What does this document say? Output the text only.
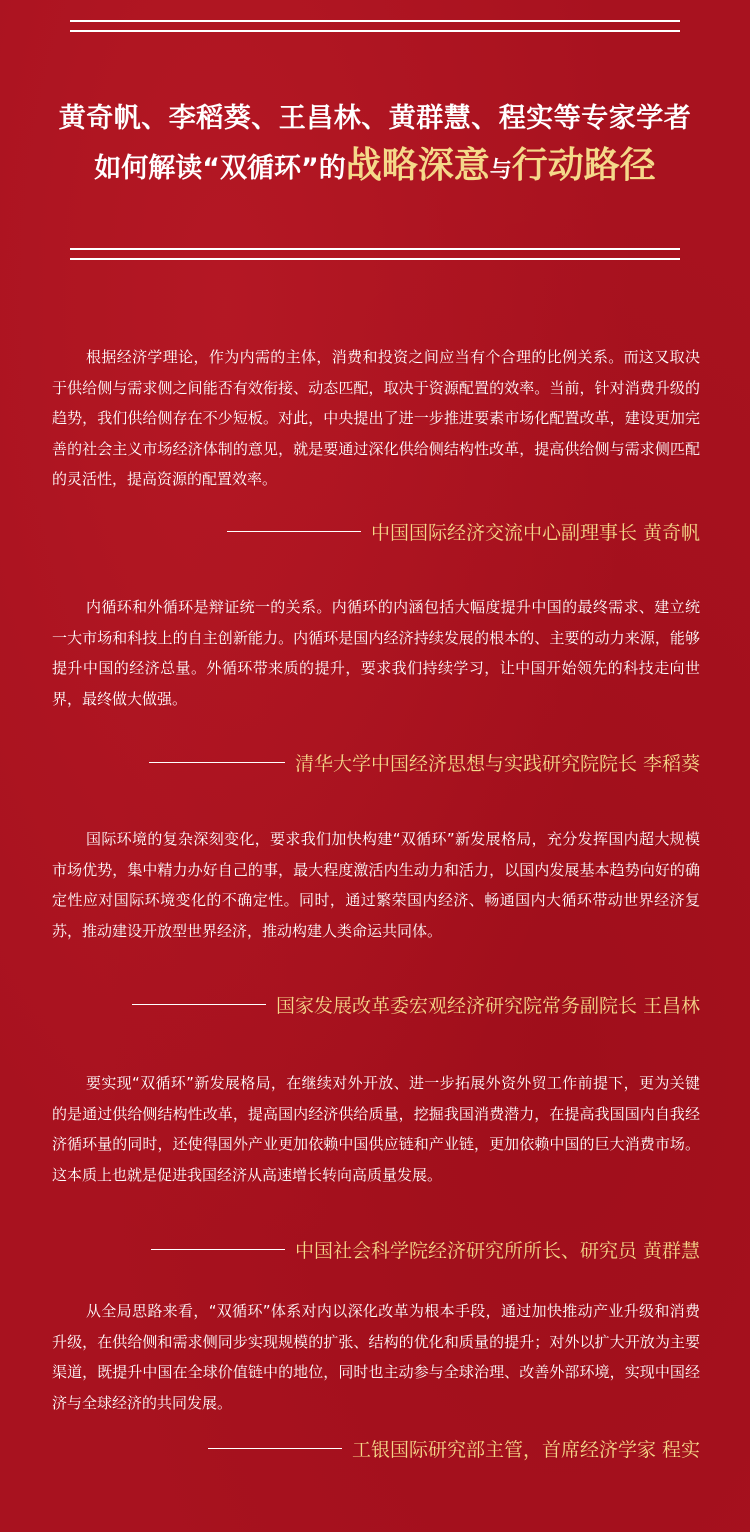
黄奇帆、李稻葵、王昌林、黄群慧、程实等专家学者
如何解读“双循环”的战略深意与行动路径

根据经济学理论，作为内需的主体，消费和投资之间应当有个合理的比例关系。而这又取决于供给侧与需求侧之间能否有效衔接、动态匹配，取决于资源配置的效率。当前，针对消费升级的趋势，我们供给侧存在不少短板。对此，中央提出了进一步推进要素市场化配置改革，建设更加完善的社会主义市场经济体制的意见，就是要通过深化供给侧结构性改革，提高供给侧与需求侧匹配的灵活性，提高资源的配置效率。

中国国际经济交流中心副理事长 黄奇帆

内循环和外循环是辩证统一的关系。内循环的内涵包括大幅度提升中国的最终需求、建立统一大市场和科技上的自主创新能力。内循环是国内经济持续发展的根本的、主要的动力来源，能够提升中国的经济总量。外循环带来质的提升，要求我们持续学习，让中国开始领先的科技走向世界，最终做大做强。

清华大学中国经济思想与实践研究院院长 李稻葵

国际环境的复杂深刻变化，要求我们加快构建“双循环”新发展格局，充分发挥国内超大规模市场优势，集中精力办好自己的事，最大程度激活内生动力和活力，以国内发展基本趋势向好的确定性应对国际环境变化的不确定性。同时，通过繁荣国内经济、畅通国内大循环带动世界经济复苏，推动建设开放型世界经济，推动构建人类命运共同体。

国家发展改革委宏观经济研究院常务副院长 王昌林

要实现“双循环”新发展格局，在继续对外开放、进一步拓展外资外贸工作前提下，更为关键的是通过供给侧结构性改革，提高国内经济供给质量，挖掘我国消费潜力，在提高我国国内自我经济循环量的同时，还使得国外产业更加依赖中国供应链和产业链，更加依赖中国的巨大消费市场。这本质上也就是促进我国经济从高速增长转向高质量发展。

中国社会科学院经济研究所所长、研究员 黄群慧

从全局思路来看，“双循环”体系对内以深化改革为根本手段，通过加快推动产业升级和消费升级，在供给侧和需求侧同步实现规模的扩张、结构的优化和质量的提升；对外以扩大开放为主要渠道，既提升中国在全球价值链中的地位，同时也主动参与全球治理、改善外部环境，实现中国经济与全球经济的共同发展。

工银国际研究部主管，首席经济学家 程实
